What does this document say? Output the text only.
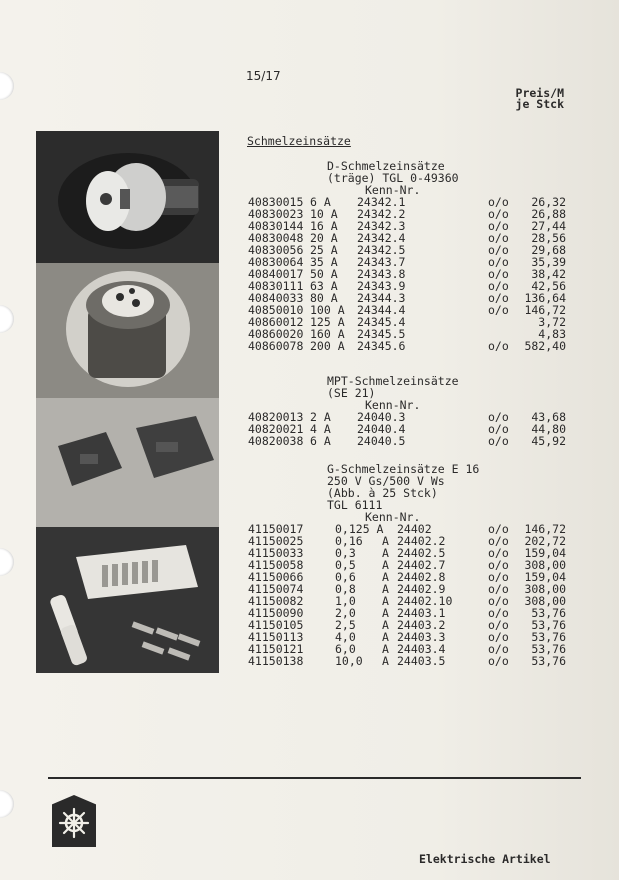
15/17
Preis/M
je Stck
Schmelzeinsätze
D-Schmelzeinsätze
(träge) TGL 0-49360
Kenn-Nr.
40830015 6 A 24342.1	o/o 26,32
40830023 10 A 24342.2	o/o 26,88
40830144 16 A 24342.3	o/o 27,44
40830048 20 A 24342.4	o/o 28,56
40830056 25 A 24342.5	o/o 29,68
40830064 35 A 24343.7	o/o 35,39
40840017 50 A 24343.8	o/o 38,42
40830111 63 A 24343.9	o/o 42,56
40840033 80 A 24344.3	o/o 136,64
40850010 100 A 24344.4	o/o 146,72
40860012 125 A 24345.4	3,72
40860020 160 A 24345.5	4,83
40860078 200 A 24345.6	o/o 582,40
MPT-Schmelzeinsätze
(SE 21)
Kenn-Nr.
40820013 2 A 24040.3	o/o 43,68
40820021 4 A 24040.4	o/o 44,80
40820038 6 A 24040.5	o/o 45,92
G-Schmelzeinsätze E 16
250 V Gs/500 V Ws
(Abb. à 25 Stck)
TGL 6111
Kenn-Nr.
41150017	0,125 A 24402	o/o 146,72
41150025	0,16 A 24402.2	o/o 202,72
41150033	0,3 A 24402.5	o/o 159,04
41150058	0,5 A 24402.7	o/o 308,00
41150066	0,6 A 24402.8	o/o 159,04
41150074	0,8 A 24402.9	o/o 308,00
41150082	1,0 A 24402.10	o/o 308,00
41150090	2,0 A 24403.1	o/o 53,76
41150105	2,5 A 24403.2	o/o 53,76
41150113	4,0 A 24403.3	o/o 53,76
41150121	6,0 A 24403.4	o/o 53,76
41150138	10,0 A 24403.5	o/o 53,76
Elektrische Artikel
